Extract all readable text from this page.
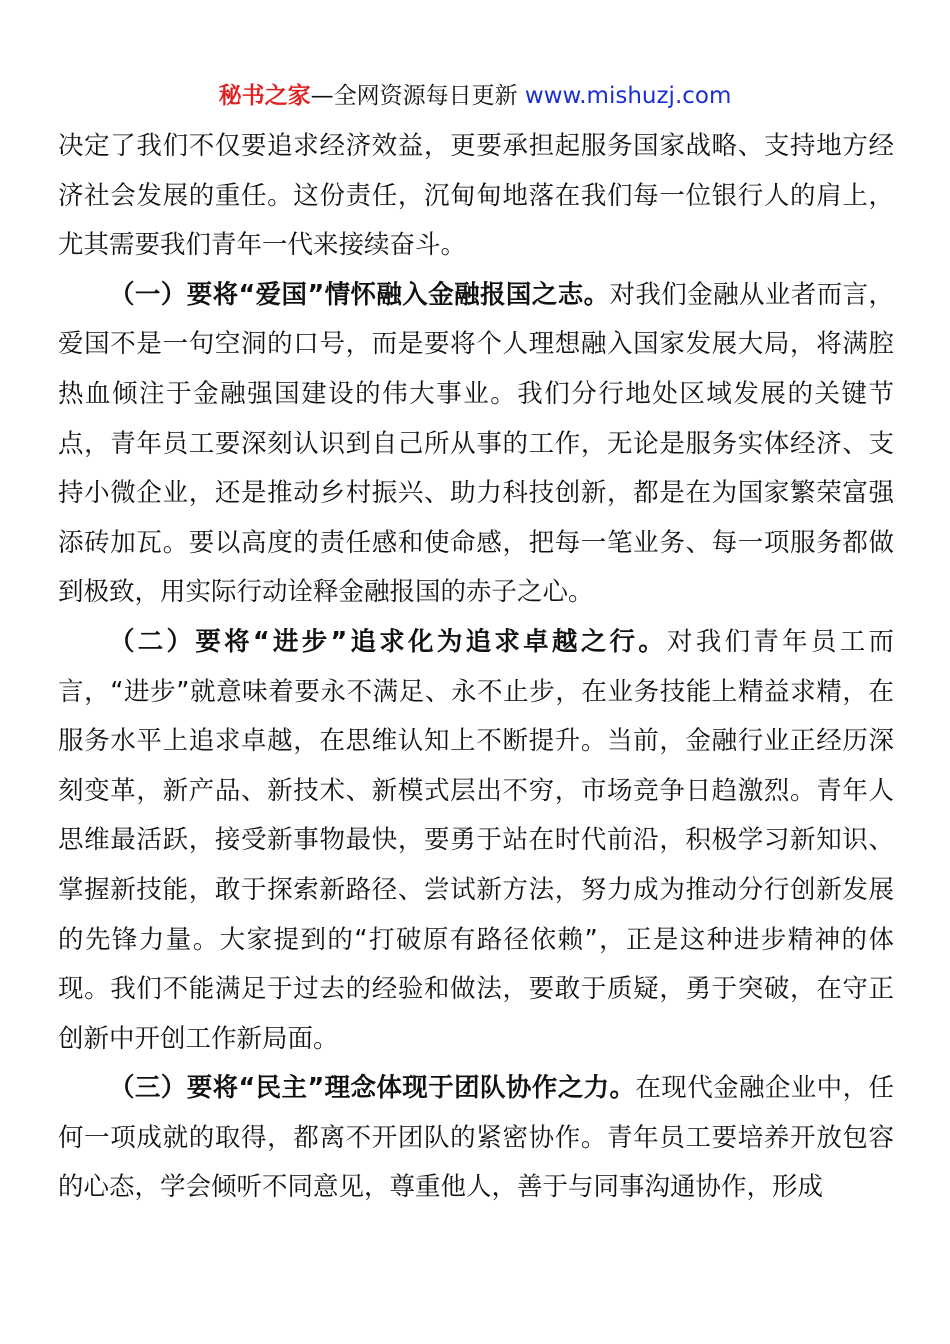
秘书之家—全网资源每日更新 www.mishuzj.com

决定了我们不仅要追求经济效益，更要承担起服务国家战略、支持地方经济社会发展的重任。这份责任，沉甸甸地落在我们每一位银行人的肩上，尤其需要我们青年一代来接续奋斗。

（一）要将“爱国”情怀融入金融报国之志。对我们金融从业者而言，爱国不是一句空洞的口号，而是要将个人理想融入国家发展大局，将满腔热血倾注于金融强国建设的伟大事业。我们分行地处区域发展的关键节点，青年员工要深刻认识到自己所从事的工作，无论是服务实体经济、支持小微企业，还是推动乡村振兴、助力科技创新，都是在为国家繁荣富强添砖加瓦。要以高度的责任感和使命感，把每一笔业务、每一项服务都做到极致，用实际行动诠释金融报国的赤子之心。

（二）要将“进步”追求化为追求卓越之行。对我们青年员工而言，“进步”就意味着要永不满足、永不止步，在业务技能上精益求精，在服务水平上追求卓越，在思维认知上不断提升。当前，金融行业正经历深刻变革，新产品、新技术、新模式层出不穷，市场竞争日趋激烈。青年人思维最活跃，接受新事物最快，要勇于站在时代前沿，积极学习新知识、掌握新技能，敢于探索新路径、尝试新方法，努力成为推动分行创新发展的先锋力量。大家提到的“打破原有路径依赖”，正是这种进步精神的体现。我们不能满足于过去的经验和做法，要敢于质疑，勇于突破，在守正创新中开创工作新局面。

（三）要将“民主”理念体现于团队协作之力。在现代金融企业中，任何一项成就的取得，都离不开团队的紧密协作。青年员工要培养开放包容的心态，学会倾听不同意见，尊重他人，善于与同事沟通协作，形成
